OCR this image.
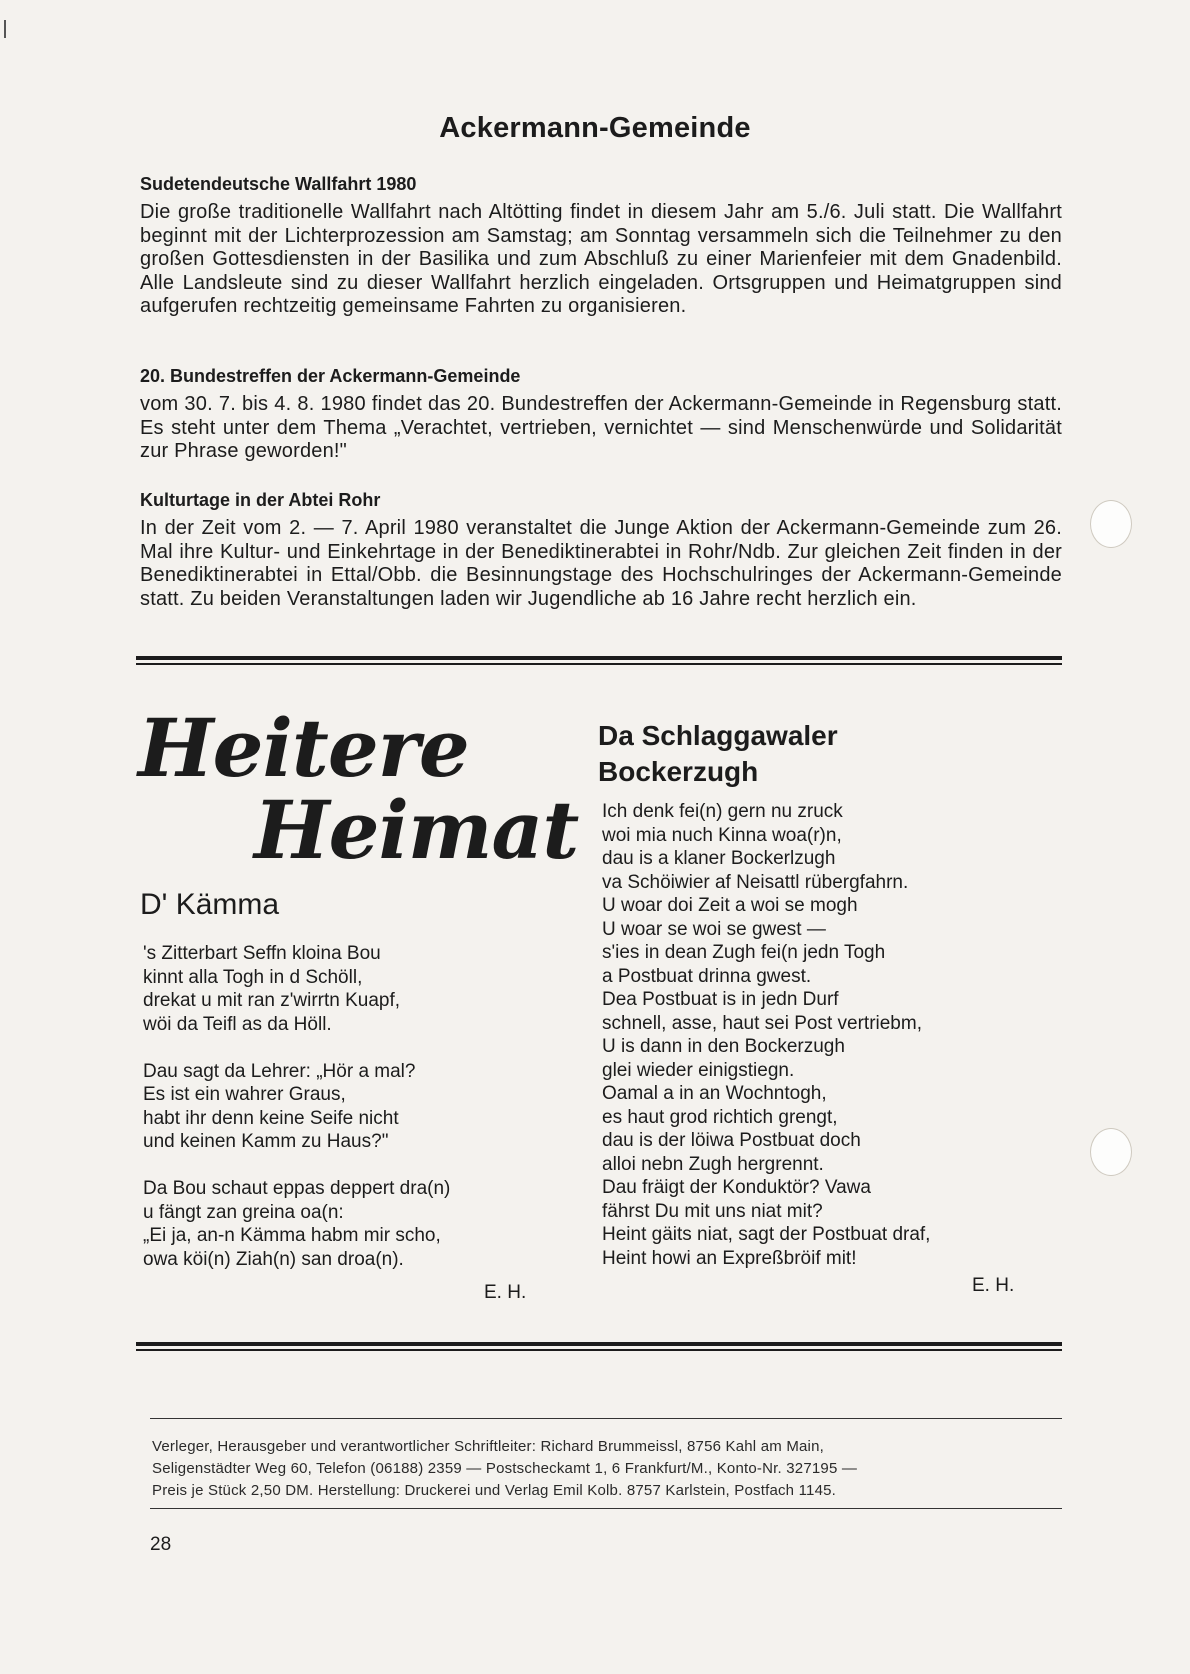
Ackermann-Gemeinde
Sudetendeutsche Wallfahrt 1980

Die große traditionelle Wallfahrt nach Altötting findet in diesem Jahr am 5./6. Juli statt. Die Wallfahrt beginnt mit der Lichterprozession am Samstag; am Sonntag versammeln sich die Teilnehmer zu den großen Gottesdiensten in der Basilika und zum Abschluß zu einer Marienfeier mit dem Gnadenbild. Alle Landsleute sind zu dieser Wallfahrt herzlich eingeladen. Ortsgruppen und Heimatgruppen sind aufgerufen rechtzeitig gemeinsame Fahrten zu organisieren.

20. Bundestreffen der Ackermann-Gemeinde

vom 30. 7. bis 4. 8. 1980 findet das 20. Bundestreffen der Ackermann-Gemeinde in Regensburg statt. Es steht unter dem Thema „Verachtet, vertrieben, vernichtet — sind Menschenwürde und Solidarität zur Phrase geworden!"

Kulturtage in der Abtei Rohr

In der Zeit vom 2. — 7. April 1980 veranstaltet die Junge Aktion der Ackermann-Gemeinde zum 26. Mal ihre Kultur- und Einkehrtage in der Benediktinerabtei in Rohr/Ndb. Zur gleichen Zeit finden in der Benediktinerabtei in Ettal/Obb. die Besinnungstage des Hochschulringes der Ackermann-Gemeinde statt. Zu beiden Veranstaltungen laden wir Jugendliche ab 16 Jahre recht herzlich ein.

Heitere
Heimat
D' Kämma
's Zitterbart Seffn kloina Bou
kinnt alla Togh in d Schöll,
drekat u mit ran z'wirrtn Kuapf,
wöi da Teifl as da Höll.
Dau sagt da Lehrer: „Hör a mal?
Es ist ein wahrer Graus,
habt ihr denn keine Seife nicht
und keinen Kamm zu Haus?"
Da Bou schaut eppas deppert dra(n)
u fängt zan greina oa(n:
„Ei ja, an-n Kämma habm mir scho,
owa köi(n) Ziah(n) san droa(n).
E. H.
Da Schlaggawaler
Bockerzugh
Ich denk fei(n) gern nu zruck
woi mia nuch Kinna woa(r)n,
dau is a klaner Bockerlzugh
va Schöiwier af Neisattl rübergfahrn.
U woar doi Zeit a woi se mogh
U woar se woi se gwest —
s'ies in dean Zugh fei(n jedn Togh
a Postbuat drinna gwest.
Dea Postbuat is in jedn Durf
schnell, asse, haut sei Post vertriebm,
U is dann in den Bockerzugh
glei wieder einigstiegn.
Oamal a in an Wochntogh,
es haut grod richtich grengt,
dau is der löiwa Postbuat doch
alloi nebn Zugh hergrennt.
Dau fräigt der Konduktör? Vawa
fährst Du mit uns niat mit?
Heint gäits niat, sagt der Postbuat draf,
Heint howi an Expreßbröif mit!
E. H.
Verleger, Herausgeber und verantwortlicher Schriftleiter: Richard Brummeissl, 8756 Kahl am Main,
Seligenstädter Weg 60, Telefon (06188) 2359 — Postscheckamt 1, 6 Frankfurt/M., Konto-Nr. 327195 —
Preis je Stück 2,50 DM. Herstellung: Druckerei und Verlag Emil Kolb. 8757 Karlstein, Postfach 1145.
28
